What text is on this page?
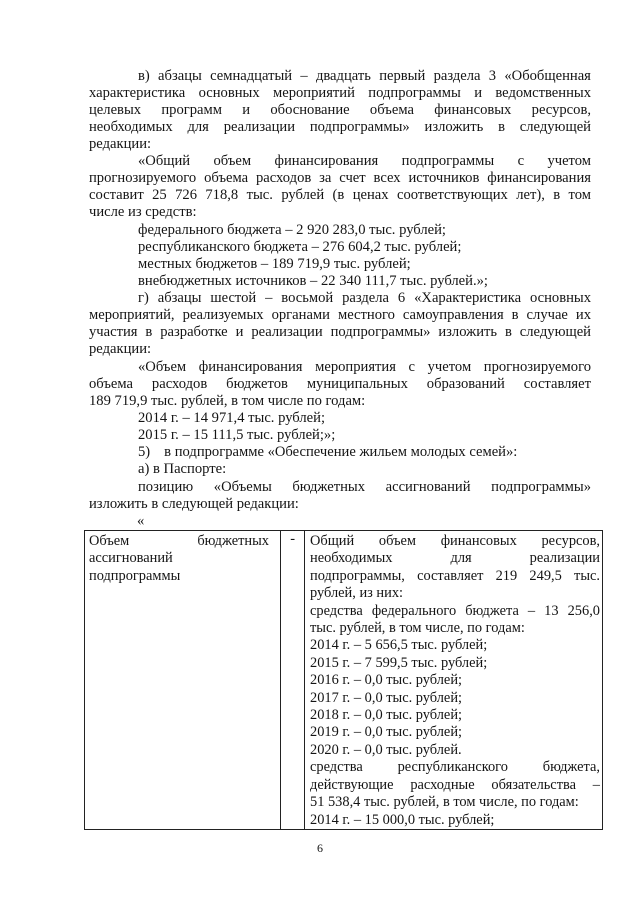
в) абзацы семнадцатый – двадцать первый раздела 3 «Обобщенная
характеристика основных мероприятий подпрограммы и ведомственных
целевых программ и обоснование объема финансовых ресурсов,
необходимых для реализации подпрограммы» изложить в следующей
редакции:
«Общий объем финансирования подпрограммы с учетом
прогнозируемого объема расходов за счет всех источников финансирования
составит 25 726 718,8 тыс. рублей (в ценах соответствующих лет), в том
числе из средств:
федерального бюджета – 2 920 283,0 тыс. рублей;
республиканского бюджета – 276 604,2 тыс. рублей;
местных бюджетов – 189 719,9 тыс. рублей;
внебюджетных источников – 22 340 111,7 тыс. рублей.»;
г) абзацы шестой – восьмой раздела 6 «Характеристика основных
мероприятий, реализуемых органами местного самоуправления в случае их
участия в разработке и реализации подпрограммы» изложить в следующей
редакции:
«Объем финансирования мероприятия с учетом прогнозируемого
объема расходов бюджетов муниципальных образований составляет
189 719,9 тыс. рублей, в том числе по годам:
2014 г. – 14 971,4 тыс. рублей;
2015 г. – 15 111,5 тыс. рублей;»;
5) в подпрограмме «Обеспечение жильем молодых семей»:
а) в Паспорте:
позицию «Объемы бюджетных ассигнований подпрограммы»
изложить в следующей редакции:
«
Объем бюджетных
ассигнований
подпрограммы
	-	Общий объем финансовых ресурсов,
необходимых для реализации
подпрограммы, составляет 219 249,5 тыс.
рублей, из них:
средства федерального бюджета – 13 256,0
тыс. рублей, в том числе, по годам:
2014 г. – 5 656,5 тыс. рублей;
2015 г. – 7 599,5 тыс. рублей;
2016 г. – 0,0 тыс. рублей;
2017 г. – 0,0 тыс. рублей;
2018 г. – 0,0 тыс. рублей;
2019 г. – 0,0 тыс. рублей;
2020 г. – 0,0 тыс. рублей.
средства республиканского бюджета,
действующие расходные обязательства –
51 538,4 тыс. рублей, в том числе, по годам:
2014 г. – 15 000,0 тыс. рублей;
6
